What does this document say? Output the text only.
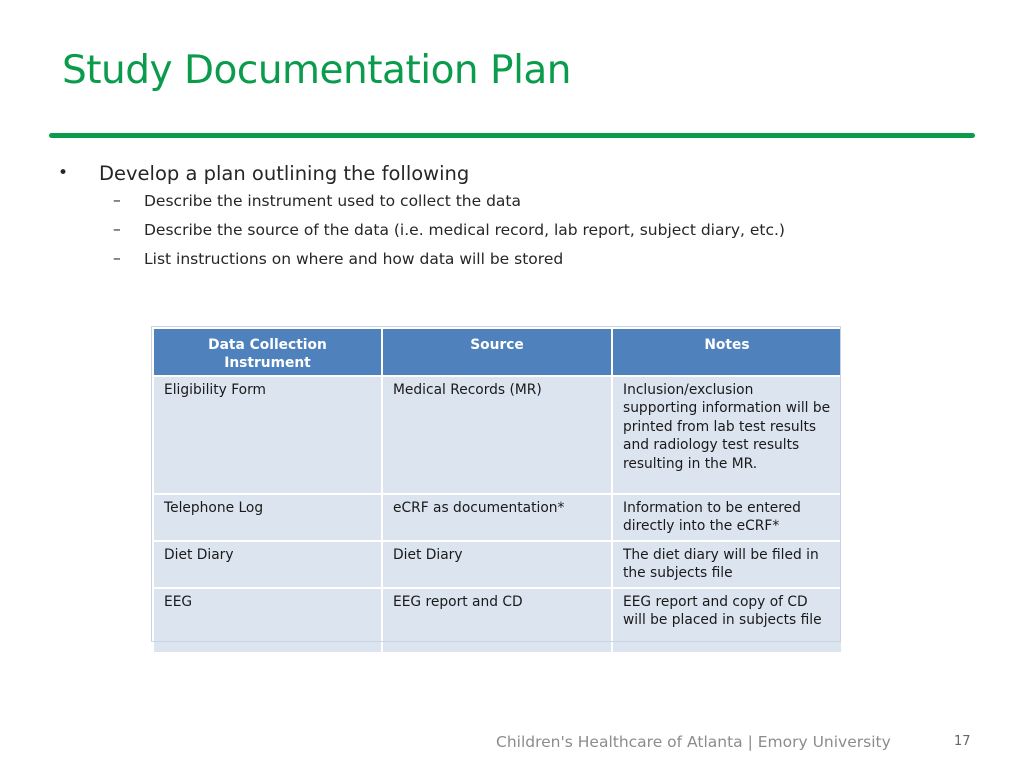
Study Documentation Plan
• Develop a plan outlining the following
– Describe the instrument used to collect the data
– Describe the source of the data (i.e. medical record, lab report, subject diary, etc.)
– List instructions on where and how data will be stored
Data Collection Instrument	Source	Notes
Eligibility Form	Medical Records (MR)	Inclusion/exclusion supporting information will be printed from lab test results and radiology test results resulting in the MR.
Telephone Log	eCRF as documentation*	Information to be entered directly into the eCRF*
Diet Diary	Diet Diary	The diet diary will be filed in the subjects file
EEG	EEG report and CD	EEG report and copy of CD will be placed in subjects file
Children's Healthcare of Atlanta | Emory University	17
